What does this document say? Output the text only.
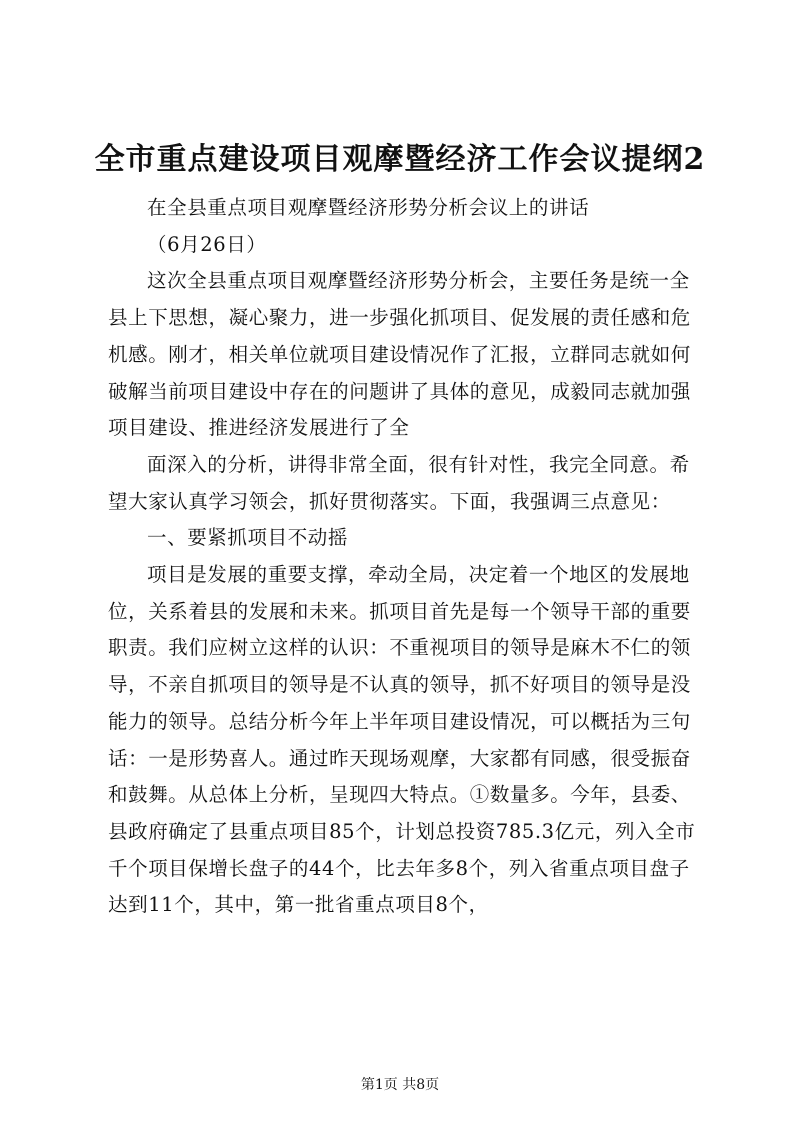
全市重点建设项目观摩暨经济工作会议提纲2

在全县重点项目观摩暨经济形势分析会议上的讲话

（6月26日）

这次全县重点项目观摩暨经济形势分析会，主要任务是统一全县上下思想，凝心聚力，进一步强化抓项目、促发展的责任感和危机感。刚才，相关单位就项目建设情况作了汇报，立群同志就如何破解当前项目建设中存在的问题讲了具体的意见，成毅同志就加强项目建设、推进经济发展进行了全

面深入的分析，讲得非常全面，很有针对性，我完全同意。希望大家认真学习领会，抓好贯彻落实。下面，我强调三点意见：

一、要紧抓项目不动摇

项目是发展的重要支撑，牵动全局，决定着一个地区的发展地位，关系着县的发展和未来。抓项目首先是每一个领导干部的重要职责。我们应树立这样的认识：不重视项目的领导是麻木不仁的领导，不亲自抓项目的领导是不认真的领导，抓不好项目的领导是没能力的领导。总结分析今年上半年项目建设情况，可以概括为三句话：一是形势喜人。通过昨天现场观摩，大家都有同感，很受振奋和鼓舞。从总体上分析，呈现四大特点。①数量多。今年，县委、县政府确定了县重点项目85个，计划总投资785.3亿元，列入全市千个项目保增长盘子的44个，比去年多8个，列入省重点项目盘子达到11个，其中，第一批省重点项目8个，

第1页 共8页
